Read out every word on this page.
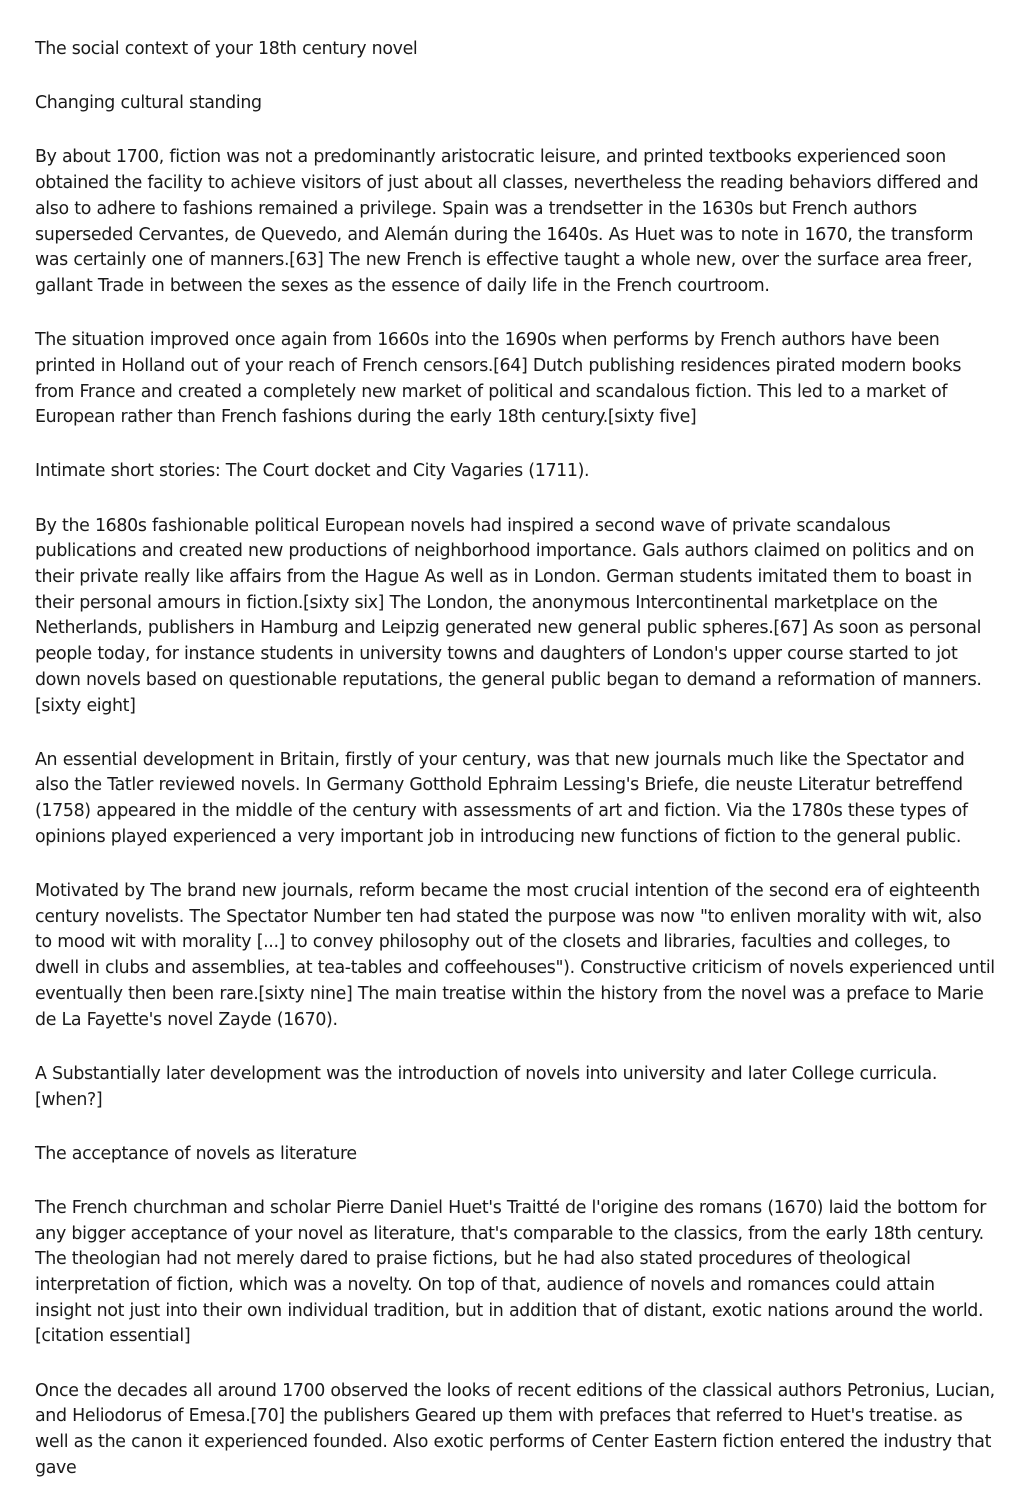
The social context of your 18th century novel

Changing cultural standing

By about 1700, fiction was not a predominantly aristocratic leisure, and printed textbooks experienced soon obtained the facility to achieve visitors of just about all classes, nevertheless the reading behaviors differed and also to adhere to fashions remained a privilege. Spain was a trendsetter in the 1630s but French authors superseded Cervantes, de Quevedo, and Alemán during the 1640s. As Huet was to note in 1670, the transform was certainly one of manners.[63] The new French is effective taught a whole new, over the surface area freer, gallant Trade in between the sexes as the essence of daily life in the French courtroom.

The situation improved once again from 1660s into the 1690s when performs by French authors have been printed in Holland out of your reach of French censors.[64] Dutch publishing residences pirated modern books from France and created a completely new market of political and scandalous fiction. This led to a market of European rather than French fashions during the early 18th century.[sixty five]

Intimate short stories: The Court docket and City Vagaries (1711).

By the 1680s fashionable political European novels had inspired a second wave of private scandalous publications and created new productions of neighborhood importance. Gals authors claimed on politics and on their private really like affairs from the Hague As well as in London. German students imitated them to boast in their personal amours in fiction.[sixty six] The London, the anonymous Intercontinental marketplace on the Netherlands, publishers in Hamburg and Leipzig generated new general public spheres.[67] As soon as personal people today, for instance students in university towns and daughters of London's upper course started to jot down novels based on questionable reputations, the general public began to demand a reformation of manners.[sixty eight]

An essential development in Britain, firstly of your century, was that new journals much like the Spectator and also the Tatler reviewed novels. In Germany Gotthold Ephraim Lessing's Briefe, die neuste Literatur betreffend (1758) appeared in the middle of the century with assessments of art and fiction. Via the 1780s these types of opinions played experienced a very important job in introducing new functions of fiction to the general public.

Motivated by The brand new journals, reform became the most crucial intention of the second era of eighteenth century novelists. The Spectator Number ten had stated the purpose was now "to enliven morality with wit, also to mood wit with morality [...] to convey philosophy out of the closets and libraries, faculties and colleges, to dwell in clubs and assemblies, at tea-tables and coffeehouses"). Constructive criticism of novels experienced until eventually then been rare.[sixty nine] The main treatise within the history from the novel was a preface to Marie de La Fayette's novel Zayde (1670).

A Substantially later development was the introduction of novels into university and later College curricula.[when?]

The acceptance of novels as literature

The French churchman and scholar Pierre Daniel Huet's Traitté de l'origine des romans (1670) laid the bottom for any bigger acceptance of your novel as literature, that's comparable to the classics, from the early 18th century. The theologian had not merely dared to praise fictions, but he had also stated procedures of theological interpretation of fiction, which was a novelty. On top of that, audience of novels and romances could attain insight not just into their own individual tradition, but in addition that of distant, exotic nations around the world.[citation essential]

Once the decades all around 1700 observed the looks of recent editions of the classical authors Petronius, Lucian, and Heliodorus of Emesa.[70] the publishers Geared up them with prefaces that referred to Huet's treatise. as well as the canon it experienced founded. Also exotic performs of Center Eastern fiction entered the industry that gave
